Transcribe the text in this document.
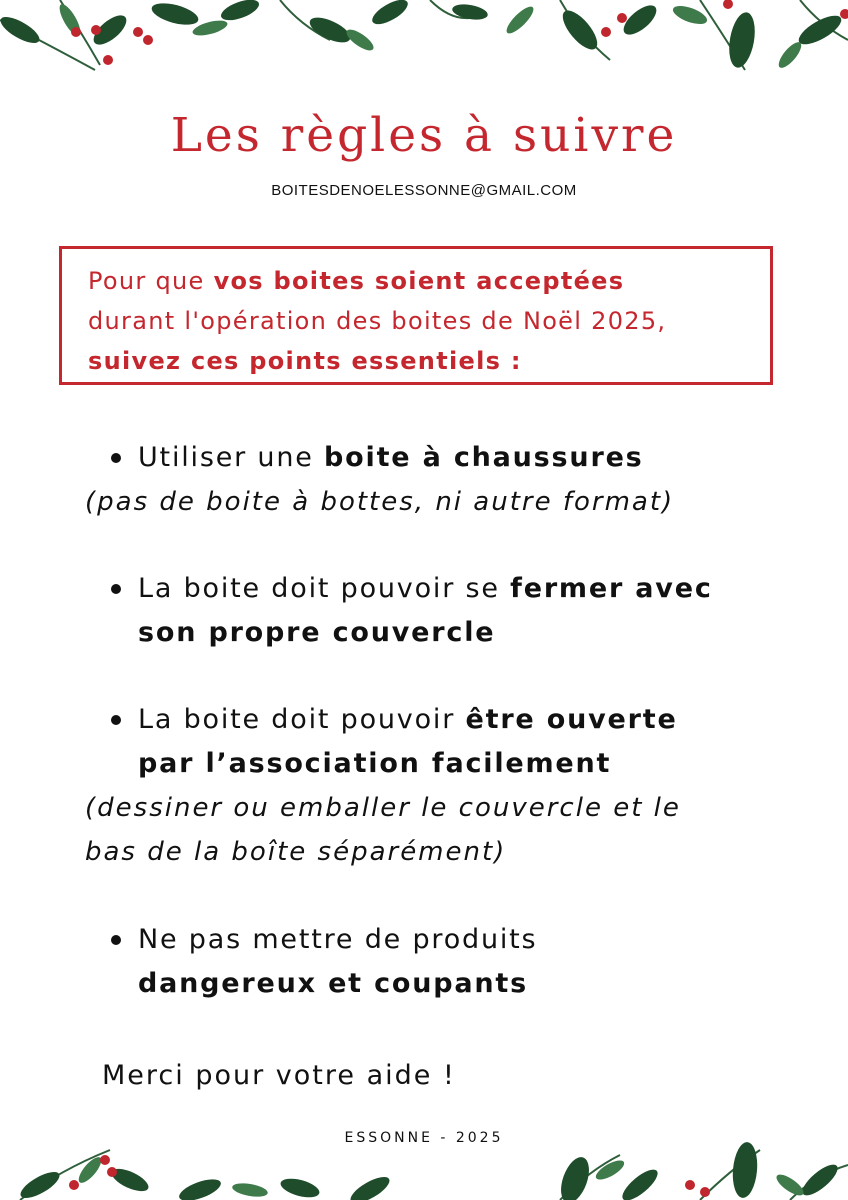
Les règles à suivre
BOITESDENOELESSONNE@GMAIL.COM
Pour que vos boites soient acceptées
durant l'opération des boites de Noël 2025,
suivez ces points essentiels :
Utiliser une boite à chaussures
(pas de boite à bottes, ni autre format)
La boite doit pouvoir se fermer avec
son propre couvercle
La boite doit pouvoir être ouverte
par l’association facilement
(dessiner ou emballer le couvercle et le
bas de la boîte séparément)
Ne pas mettre de produits
dangereux et coupants
Merci pour votre aide !
ESSONNE - 2025
